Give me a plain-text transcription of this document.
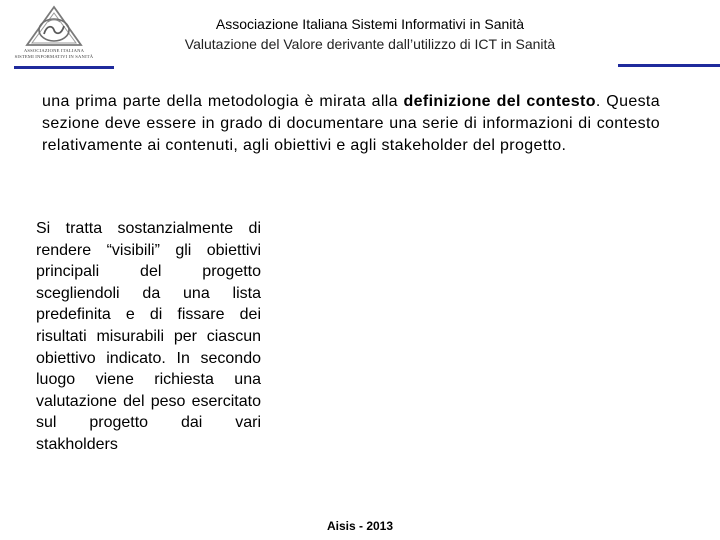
ASSOCIAZIONE ITALIANA
SISTEMI INFORMATIVI IN SANITÀ
Associazione Italiana Sistemi Informativi in Sanità
Valutazione del Valore derivante dall’utilizzo di ICT in Sanità

una prima parte della metodologia è mirata alla definizione del contesto. Questa sezione deve essere in grado di documentare una serie di informazioni di contesto relativamente ai contenuti, agli obiettivi e agli stakeholder del progetto.

Si tratta sostanzialmente di rendere “visibili” gli obiettivi principali del progetto scegliendoli da una lista predefinita e di fissare dei risultati misurabili per ciascun obiettivo indicato. In secondo luogo viene richiesta una valutazione del peso esercitato sul progetto dai vari stakholders

Aisis - 2013
